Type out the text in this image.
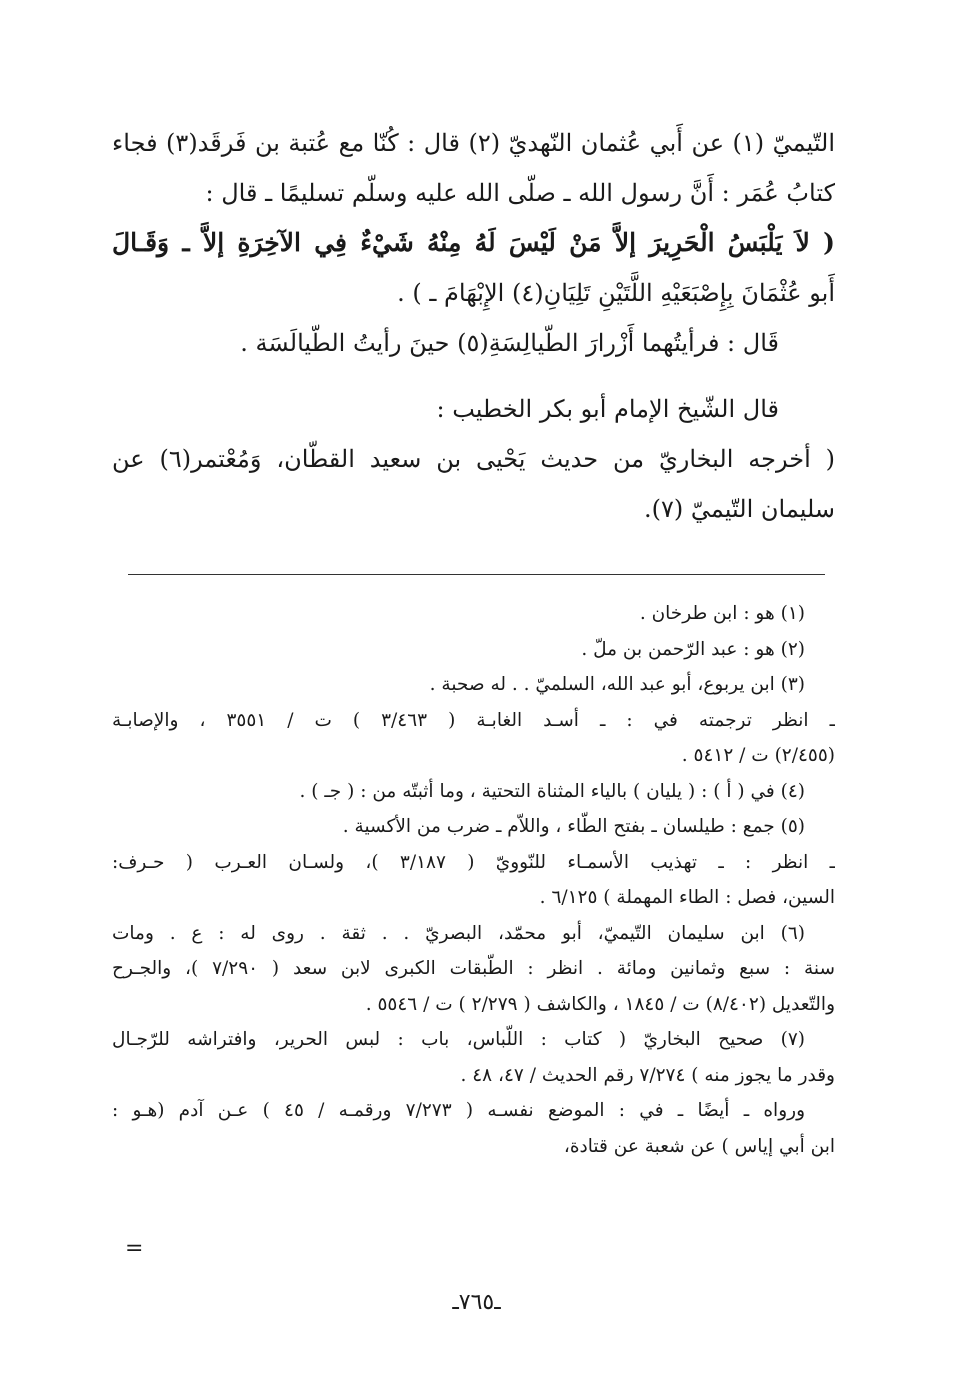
التّيميّ (١) عن أَبي عُثمان النّهديّ (٢) قال : كُنّا مع عُتبة بن فَرقَد(٣) فجاء
كتابُ عُمَر : أَنَّ رسول الله ـ صلّى الله عليه وسلّم تسليمًا ـ قال :
( لاَ يَلْبَسُ الْحَرِيرَ إلاَّ مَنْ لَيْسَ لَهُ مِنْهُ شَيْءٌ فِي الآخِرَةِ إلاَّ ـ وَقَـالَ
أَبو عُثْمَانَ بِإِصْبَعَيْهِ اللَّتَيْنِ تَلِيَانِ(٤) الإِبْهَامَ ـ ) .
قَال : فرأيتُهما أَزْرارَ الطّيالِسَةِ(٥) حينَ رأيتُ الطّيالَسَة .
قال الشّيخ الإمام أبو بكر الخطيب :
( أخرجه البخاريّ من حديث يَحْيى بن سعيد القطّان، وَمُعْتمر(٦) عن
سليمان التّيميّ (٧).
(١) هو : ابن طرخان .
(٢) هو : عبد الرّحمن بن ملّ .
(٣) ابن يربوع، أبو عبد الله، السلميّ . . له صحبة .
ـ انظر ترجمته في : ـ أسـد الغابـة ( ٣/٤٦٣ ) ت / ٣٥٥١ ، والإصابـة
(٢/٤٥٥) ت / ٥٤١٢ .
(٤) في ( أ ) : ( يليان ) بالياء المثناة التحتية ، وما أثبتّه من : ( جـ ) .
(٥) جمع : طيلسان ـ بفتح الطّاء ، واللاّم ـ ضرب من الأكسية .
ـ انظر : ـ تهذيب الأسمـاء للنّوويّ ( ٣/١٨٧ )، ولسـان العـرب ( حـرف:
السين، فصل : الطاء المهملة ) ٦/١٢٥ .
(٦) ابن سليمان التّيميّ، أبو محمّد، البصريّ . . ثقة . روى له : ع . ومات
سنة : سبع وثمانين ومائة . انظر : الطّبقات الكبرى لابن سعد ( ٧/٢٩٠ )، والجـرح
والتّعديل (٨/٤٠٢) ت / ١٨٤٥ ، والكاشف ( ٢/٢٧٩ ) ت / ٥٥٤٦ .
(٧) صحيح البخاريّ ( كتاب : اللّباس، باب : لبس الحرير، وافتراشه للرّجـال
وقدر ما يجوز منه ) ٧/٢٧٤ رقم الحديث / ٤٧، ٤٨ .
ورواه ـ أيضًا ـ في : الموضع نفسـه ( ٧/٢٧٣ ورقمـه / ٤٥ ) عـن آدم (هـو :
ابن أبي إياس ) عن شعبة عن قتادة،
=
ـ٧٦٥ـ
